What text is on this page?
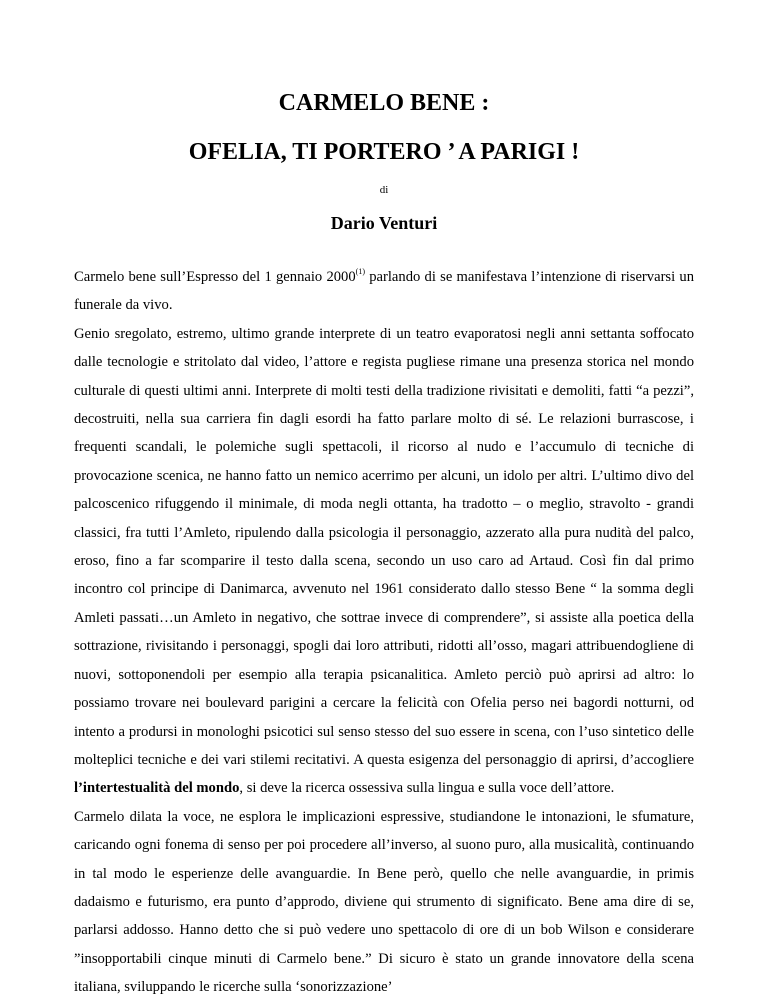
CARMELO BENE :
OFELIA, TI PORTERO ’ A PARIGI !
di
Dario Venturi

Carmelo bene sull’Espresso del 1 gennaio 2000$^{(1)}$ parlando di se manifestava l’intenzione di riservarsi un funerale da vivo.

Genio sregolato, estremo, ultimo grande interprete di un teatro evaporatosi negli anni settanta soffocato dalle tecnologie e stritolato dal video, l’attore e regista pugliese rimane una presenza storica nel mondo culturale di questi ultimi anni. Interprete di molti testi della tradizione rivisitati e demoliti, fatti “a pezzi”, decostruiti, nella sua carriera fin dagli esordi ha fatto parlare molto di sé. Le relazioni burrascose, i frequenti scandali, le polemiche sugli spettacoli, il ricorso al nudo e l’accumulo di tecniche di provocazione scenica, ne hanno fatto un nemico acerrimo per alcuni, un idolo per altri. L’ultimo divo del palcoscenico rifuggendo il minimale, di moda negli ottanta, ha tradotto – o meglio, stravolto - grandi classici, fra tutti l’Amleto, ripulendo dalla psicologia il personaggio, azzerato alla pura nudità del palco, eroso, fino a far scomparire il testo dalla scena, secondo un uso caro ad Artaud. Così fin dal primo incontro col principe di Danimarca, avvenuto nel 1961 considerato dallo stesso Bene “ la somma degli Amleti passati…un Amleto in negativo, che sottrae invece di comprendere”, si assiste alla poetica della sottrazione, rivisitando i personaggi, spogli dai loro attributi, ridotti all’osso, magari attribuendogliene di nuovi, sottoponendoli per esempio alla terapia psicanalitica. Amleto perciò può aprirsi ad altro: lo possiamo trovare nei boulevard parigini a cercare la felicità con Ofelia perso nei bagordi notturni, od intento a prodursi in monologhi psicotici sul senso stesso del suo essere in scena, con l’uso sintetico delle molteplici tecniche e dei vari stilemi recitativi. A questa esigenza del personaggio di aprirsi, d’accogliere l’intertestualità del mondo, si deve la ricerca ossessiva sulla lingua e sulla voce dell’attore.

Carmelo dilata la voce, ne esplora le implicazioni espressive, studiandone le intonazioni, le sfumature, caricando ogni fonema di senso per poi procedere all’inverso, al suono puro, alla musicalità, continuando in tal modo le esperienze delle avanguardie. In Bene però, quello che nelle avanguardie, in primis dadaismo e futurismo, era punto d’approdo, diviene qui strumento di significato. Bene ama dire di se, parlarsi addosso. Hanno detto che si può vedere uno spettacolo di ore di un bob Wilson e considerare ”insopportabili cinque minuti di Carmelo bene.” Di sicuro è stato un grande innovatore della scena italiana, sviluppando le ricerche sulla ‘sonorizzazione’
